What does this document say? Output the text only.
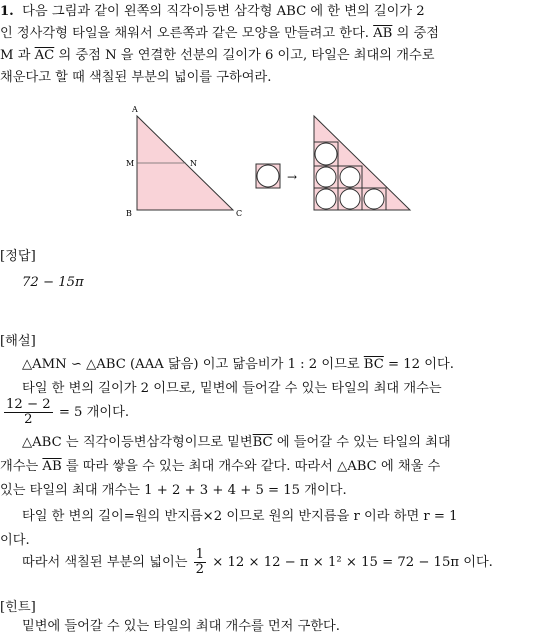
1. 다음 그림과 같이 왼쪽의 직각이등변 삼각형 ABC 에 한 변의 길이가 2
인 정사각형 타일을 채워서 오른쪽과 같은 모양을 만들려고 한다. $\overline{AB}$ 의 중점
M 과 $\overline{AC}$ 의 중점 N 을 연결한 선분의 길이가 6 이고, 타일은 최대의 개수로
채운다고 할 때 색칠된 부분의 넓이를 구하여라.
A
M	N
B	C
→
[정답]
72 − 15π
[해설]
△AMN ∽ △ABC (AAA 닮음) 이고 닮음비가 1 : 2 이므로 $\overline{BC} = 12$ 이다.
타일 한 변의 길이가 2 이므로, 밑변에 들어갈 수 있는 타일의 최대 개수는
$\frac{12 - 2}{2} = 5$ 개이다.
△ABC 는 직각이등변삼각형이므로 밑변$\overline{BC}$ 에 들어갈 수 있는 타일의 최대
개수는 $\overline{AB}$ 를 따라 쌓을 수 있는 최대 개수와 같다. 따라서 △ABC 에 채울 수
있는 타일의 최대 개수는 1 + 2 + 3 + 4 + 5 = 15 개이다.
타일 한 변의 길이=원의 반지름×2 이므로 원의 반지름을 r 이라 하면 r = 1
이다.
따라서 색칠된 부분의 넓이는 $\frac{1}{2} \times 12 \times 12 - \pi \times 1^2 \times 15 = 72 - 15\pi$ 이다.
[힌트]
밑변에 들어갈 수 있는 타일의 최대 개수를 먼저 구한다.
